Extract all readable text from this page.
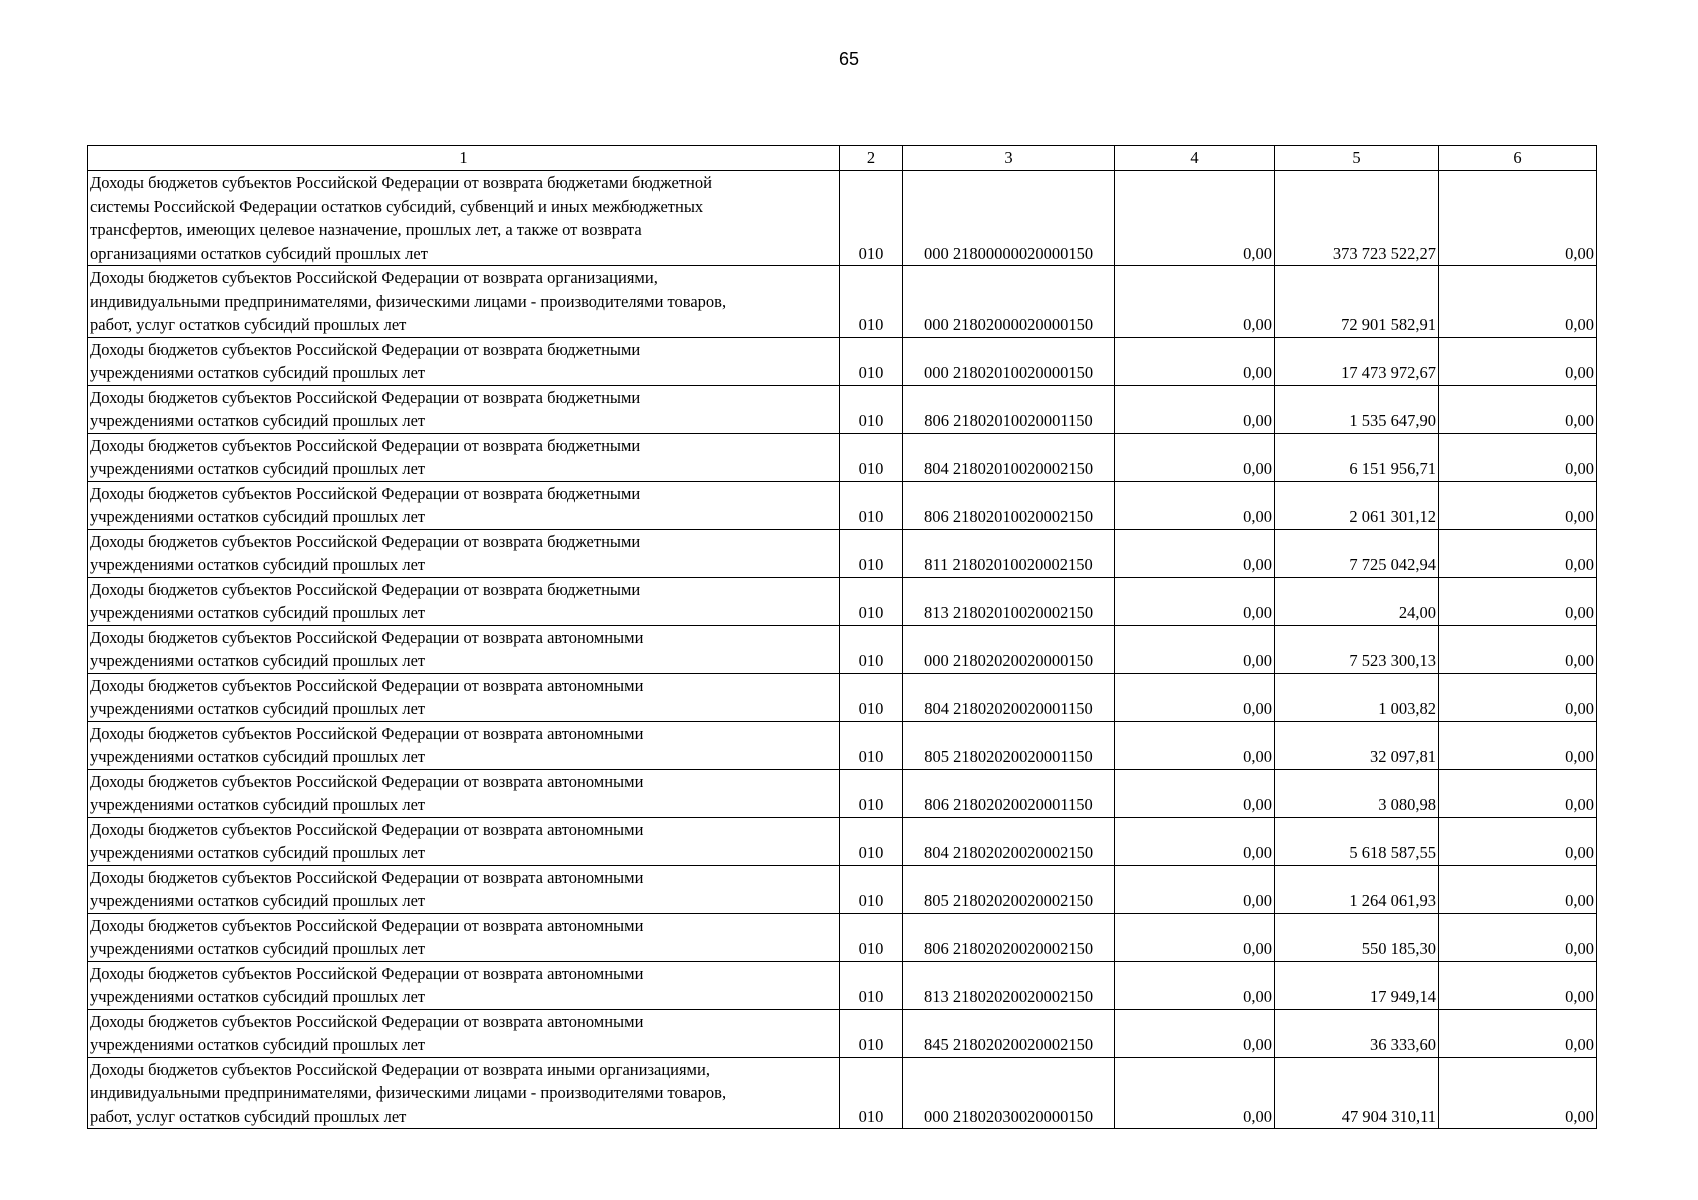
65
1	2	3	4	5	6

Доходы бюджетов субъектов Российской Федерации от возврата бюджетами бюджетной
системы Российской Федерации остатков субсидий, субвенций и иных межбюджетных
трансфертов, имеющих целевое назначение, прошлых лет, а также от возврата
организациями остатков субсидий прошлых лет	010	000 21800000020000150	0,00	373 723 522,27	0,00

Доходы бюджетов субъектов Российской Федерации от возврата организациями,
индивидуальными предпринимателями, физическими лицами - производителями товаров,
работ, услуг остатков субсидий прошлых лет	010	000 21802000020000150	0,00	72 901 582,91	0,00

Доходы бюджетов субъектов Российской Федерации от возврата бюджетными
учреждениями остатков субсидий прошлых лет	010	000 21802010020000150	0,00	17 473 972,67	0,00

Доходы бюджетов субъектов Российской Федерации от возврата бюджетными
учреждениями остатков субсидий прошлых лет	010	806 21802010020001150	0,00	1 535 647,90	0,00

Доходы бюджетов субъектов Российской Федерации от возврата бюджетными
учреждениями остатков субсидий прошлых лет	010	804 21802010020002150	0,00	6 151 956,71	0,00

Доходы бюджетов субъектов Российской Федерации от возврата бюджетными
учреждениями остатков субсидий прошлых лет	010	806 21802010020002150	0,00	2 061 301,12	0,00

Доходы бюджетов субъектов Российской Федерации от возврата бюджетными
учреждениями остатков субсидий прошлых лет	010	811 21802010020002150	0,00	7 725 042,94	0,00

Доходы бюджетов субъектов Российской Федерации от возврата бюджетными
учреждениями остатков субсидий прошлых лет	010	813 21802010020002150	0,00	24,00	0,00

Доходы бюджетов субъектов Российской Федерации от возврата автономными
учреждениями остатков субсидий прошлых лет	010	000 21802020020000150	0,00	7 523 300,13	0,00

Доходы бюджетов субъектов Российской Федерации от возврата автономными
учреждениями остатков субсидий прошлых лет	010	804 21802020020001150	0,00	1 003,82	0,00

Доходы бюджетов субъектов Российской Федерации от возврата автономными
учреждениями остатков субсидий прошлых лет	010	805 21802020020001150	0,00	32 097,81	0,00

Доходы бюджетов субъектов Российской Федерации от возврата автономными
учреждениями остатков субсидий прошлых лет	010	806 21802020020001150	0,00	3 080,98	0,00

Доходы бюджетов субъектов Российской Федерации от возврата автономными
учреждениями остатков субсидий прошлых лет	010	804 21802020020002150	0,00	5 618 587,55	0,00

Доходы бюджетов субъектов Российской Федерации от возврата автономными
учреждениями остатков субсидий прошлых лет	010	805 21802020020002150	0,00	1 264 061,93	0,00

Доходы бюджетов субъектов Российской Федерации от возврата автономными
учреждениями остатков субсидий прошлых лет	010	806 21802020020002150	0,00	550 185,30	0,00

Доходы бюджетов субъектов Российской Федерации от возврата автономными
учреждениями остатков субсидий прошлых лет	010	813 21802020020002150	0,00	17 949,14	0,00

Доходы бюджетов субъектов Российской Федерации от возврата автономными
учреждениями остатков субсидий прошлых лет	010	845 21802020020002150	0,00	36 333,60	0,00

Доходы бюджетов субъектов Российской Федерации от возврата иными организациями,
индивидуальными предпринимателями, физическими лицами - производителями товаров,
работ, услуг остатков субсидий прошлых лет	010	000 21802030020000150	0,00	47 904 310,11	0,00
